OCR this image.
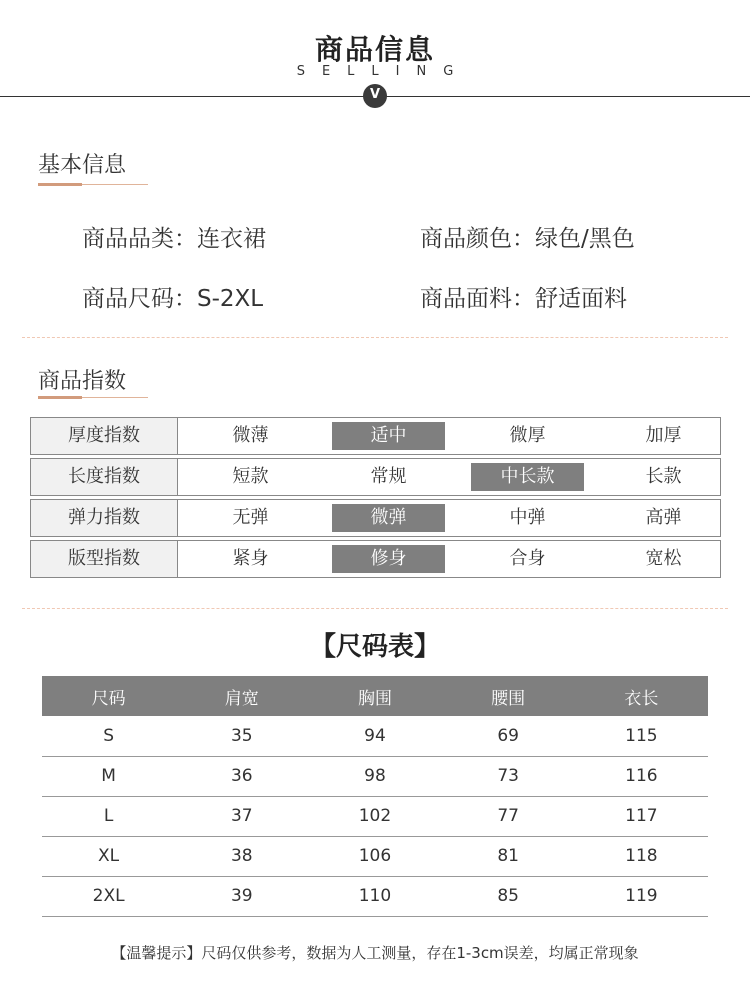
商品信息
SELLING
V
基本信息
商品品类：连衣裙	商品颜色：绿色/黑色
商品尺码：S-2XL	商品面料：舒适面料
商品指数
厚度指数	微薄	适中	微厚	加厚
长度指数	短款	常规	中长款	长款
弹力指数	无弹	微弹	中弹	高弹
版型指数	紧身	修身	合身	宽松
【尺码表】
尺码	肩宽	胸围	腰围	衣长
S	35	94	69	115
M	36	98	73	116
L	37	102	77	117
XL	38	106	81	118
2XL	39	110	85	119
【温馨提示】尺码仅供参考，数据为人工测量，存在1-3cm误差，均属正常现象
